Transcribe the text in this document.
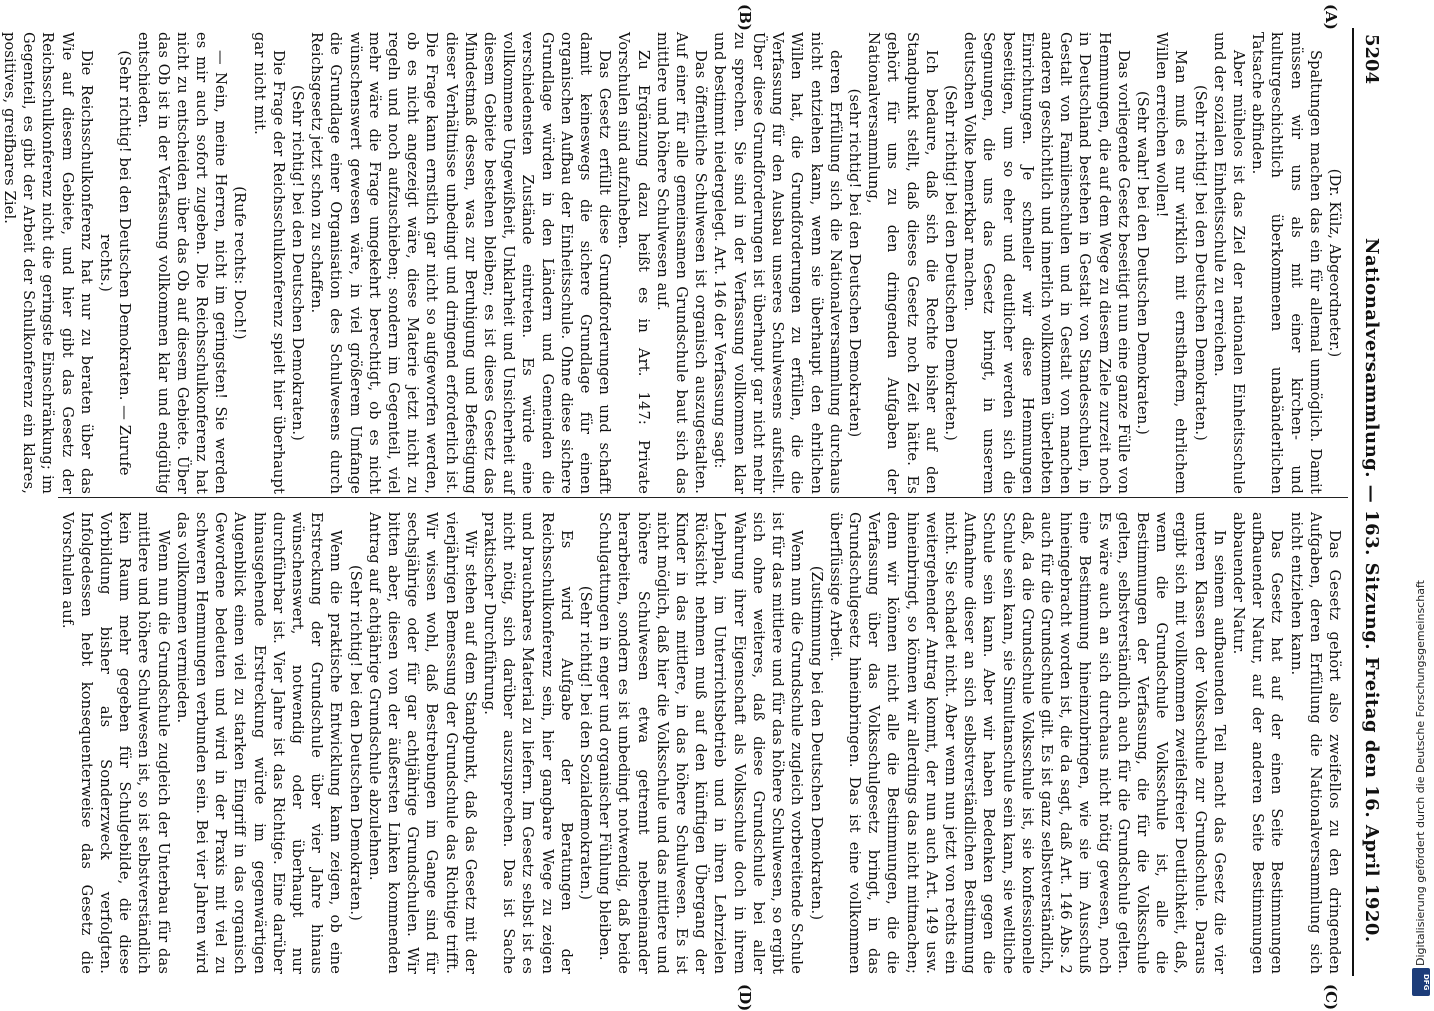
5204
Nationalversammlung. — 163. Sitzung. Freitag den 16. April 1920.
(A)
(B)
(C)
(D)

(Dr. Külz, Abgeordneter.)

Spaltungen machen das ein für allemal unmöglich. Damit müssen wir uns als mit einer kirchen- und kulturgeschichtlich überkommenen unabänderlichen Tatsache abfinden.

Aber mühelos ist das Ziel der nationalen Einheitsschule und der sozialen Einheitsschule zu erreichen.

(Sehr richtig! bei den Deutschen Demokraten.)

Man muß es nur wirklich mit ernsthaftem, ehrlichem Willen erreichen wollen!

(Sehr wahr! bei den Deutschen Demokraten.)

Das vorliegende Gesetz beseitigt nun eine ganze Fülle von Hemmungen, die auf dem Wege zu diesem Ziele zurzeit noch in Deutschland bestehen in Gestalt von Standesschulen, in Gestalt von Familienschulen und in Gestalt von manchen anderen geschichtlich und innerlich vollkommen überlebten Einrichtungen. Je schneller wir diese Hemmungen beseitigen, um so eher und deutlicher werden sich die Segnungen, die uns das Gesetz bringt, in unserem deutschen Volke bemerkbar machen.

(Sehr richtig! bei den Deutschen Demokraten.)

Ich bedaure, daß sich die Rechte bisher auf den Standpunkt stellt, daß dieses Gesetz noch Zeit hätte. Es gehört für uns zu den dringenden Aufgaben der Nationalversammlung,

(sehr richtig! bei den Deutschen Demokraten)

deren Erfüllung sich die Nationalversammlung durchaus nicht entziehen kann, wenn sie überhaupt den ehrlichen Willen hat, die Grundforderungen zu erfüllen, die die Verfassung für den Ausbau unseres Schulwesens aufstellt. Über diese Grundforderungen ist überhaupt gar nicht mehr zu sprechen. Sie sind in der Verfassung vollkommen klar und bestimmt niedergelegt. Art. 146 der Verfassung sagt:

Das öffentliche Schulwesen ist organisch auszugestalten. Auf einer für alle gemeinsamen Grundschule baut sich das mittlere und höhere Schulwesen auf.

Zu Ergänzung dazu heißt es in Art. 147: Private Vorschulen sind aufzuheben.

Das Gesetz erfüllt diese Grundforderungen und schafft damit keineswegs die sichere Grundlage für einen organischen Aufbau der Einheitsschule. Ohne diese sichere Grundlage würden in den Ländern und Gemeinden die verschiedensten Zustände eintreten. Es würde eine vollkommene Ungewißheit, Unklarheit und Unsicherheit auf diesem Gebiete bestehen bleiben; es ist dieses Gesetz das Mindestmaß dessen, was zur Beruhigung und Befestigung dieser Verhältnisse unbedingt und dringend erforderlich ist. Die Frage kann ernstlich gar nicht so aufgeworfen werden, ob es nicht angezeigt wäre, diese Materie jetzt nicht zu regeln und noch aufzuschieben; sondern im Gegenteil, viel mehr wäre die Frage umgekehrt berechtigt, ob es nicht wünschenswert gewesen wäre, in viel größerem Umfange die Grundlage einer Organisation des Schulwesens durch Reichsgesetz jetzt schon zu schaffen.

(Sehr richtig! bei den Deutschen Demokraten.)

Die Frage der Reichsschulkonferenz spielt hier überhaupt gar nicht mit.

(Rufe rechts: Doch!)

— Nein, meine Herren, nicht im geringsten! Sie werden es mir auch sofort zugeben. Die Reichsschulkonferenz hat nicht zu entscheiden über das Ob auf diesem Gebiete. Über das Ob ist in der Verfassung vollkommen klar und endgültig entschieden.

(Sehr richtig! bei den Deutschen Demokraten. — Zurufe rechts.)

Die Reichsschulkonferenz hat nur zu beraten über das Wie auf diesem Gebiete, und hier gibt das Gesetz der Reichsschulkonferenz nicht die geringste Einschränkung; im Gegenteil, es gibt der Arbeit der Schulkonferenz ein klares, positives, greifbares Ziel.

Das Gesetz gehört also zweifellos zu den dringenden Aufgaben, deren Erfüllung die Nationalversammlung sich nicht entziehen kann.

Das Gesetz hat auf der einen Seite Bestimmungen aufbauender Natur, auf der anderen Seite Bestimmungen abbauender Natur.

In seinem aufbauenden Teil macht das Gesetz die vier unteren Klassen der Volksschule zur Grundschule. Daraus ergibt sich mit vollkommen zweifelsfreier Deutlichkeit, daß, wenn die Grundschule Volksschule ist, alle die Bestimmungen der Verfassung, die für die Volksschule gelten, selbstverständlich auch für die Grundschule gelten. Es wäre auch an sich durchaus nicht nötig gewesen, noch eine Bestimmung hineinzubringen, wie sie im Ausschuß hineingebracht worden ist, die da sagt, daß Art. 146 Abs. 2 auch für die Grundschule gilt. Es ist ganz selbstverständlich, daß, da die Grundschule Volksschule ist, sie konfessionelle Schule sein kann, sie Simultanschule sein kann, sie weltliche Schule sein kann. Aber wir haben Bedenken gegen die Aufnahme dieser an sich selbstverständlichen Bestimmung nicht. Sie schadet nicht. Aber wenn nun jetzt von rechts ein weitergehender Antrag kommt, der nun auch Art. 149 usw. hineinbringt, so können wir allerdings das nicht mitmachen; denn wir können nicht alle die Bestimmungen, die die Verfassung über das Volksschulgesetz bringt, in das Grundschulgesetz hineinbringen. Das ist eine vollkommen überflüssige Arbeit.

(Zustimmung bei den Deutschen Demokraten.)

Wenn nun die Grundschule zugleich vorbereitende Schule ist für das mittlere und für das höhere Schulwesen, so ergibt sich ohne weiteres, daß diese Grundschule bei aller Wahrung ihrer Eigenschaft als Volksschule doch in ihrem Lehrplan, im Unterrichtsbetrieb und in ihren Lehrzielen Rücksicht nehmen muß auf den künftigen Übergang der Kinder in das mittlere, in das höhere Schulwesen. Es ist nicht möglich, daß hier die Volksschule und das mittlere und höhere Schulwesen etwa getrennt nebeneinander herarbeiten, sondern es ist unbedingt notwendig, daß beide Schulgattungen in enger und organischer Fühlung bleiben.

(Sehr richtig! bei den Sozialdemokraten.)

Es wird Aufgabe der Beratungen der Reichsschulkonferenz sein, hier gangbare Wege zu zeigen und brauchbares Material zu liefern. Im Gesetz selbst ist es nicht nötig, sich darüber auszusprechen. Das ist Sache praktischer Durchführung.

Wir stehen auf dem Standpunkt, daß das Gesetz mit der vierjährigen Bemessung der Grundschule das Richtige trifft. Wir wissen wohl, daß Bestrebungen im Gange sind für sechsjährige oder für gar achtjährige Grundschulen. Wir bitten aber, diesen von der äußersten Linken kommenden Antrag auf achtjährige Grundschule abzulehnen.

(Sehr richtig! bei den Deutschen Demokraten.)

Wenn die praktische Entwicklung kann zeigen, ob eine Erstreckung der Grundschule über vier Jahre hinaus wünschenswert, notwendig oder überhaupt nur durchführbar ist. Vier Jahre ist das Richtige. Eine darüber hinausgehende Erstreckung würde im gegenwärtigen Augenblick einen viel zu starken Eingriff in das organisch Gewordene bedeuten und wird in der Praxis mit viel zu schweren Hemmungen verbunden sein. Bei vier Jahren wird das vollkommen vermieden.

Wenn nun die Grundschule zugleich der Unterbau für das mittlere und höhere Schulwesen ist, so ist selbstverständlich kein Raum mehr gegeben für Schulgebilde, die diese Vorbildung bisher als Sonderzweck verfolgten. Infolgedessen hebt konsequenterweise das Gesetz die Vorschulen auf.

Digitalisierung gefördert durch die Deutsche Forschungsgemeinschaft
DFG
